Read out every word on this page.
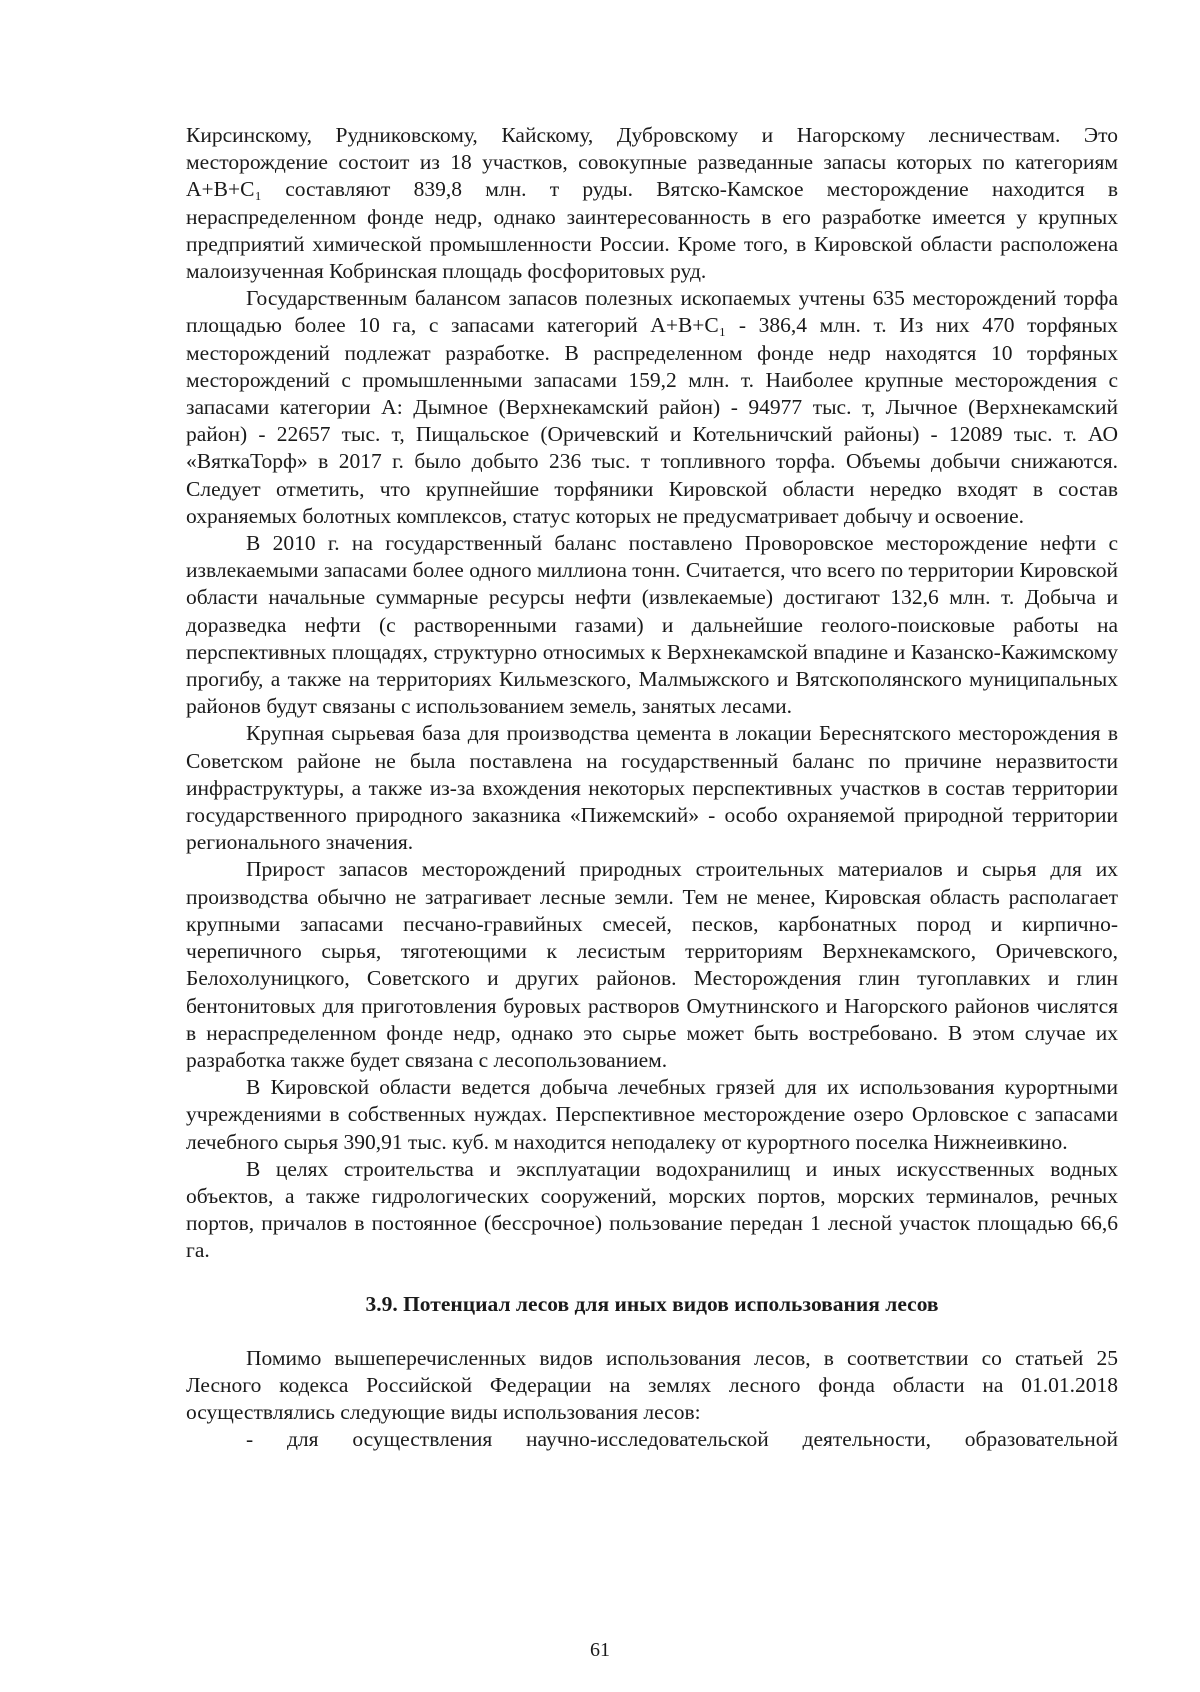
Кирсинскому, Рудниковскому, Кайскому, Дубровскому и Нагорскому лесничествам. Это месторождение состоит из 18 участков, совокупные разведанные запасы которых по категориям А+В+С₁ составляют 839,8 млн. т руды. Вятско-Камское месторождение находится в нераспределенном фонде недр, однако заинтересованность в его разработке имеется у крупных предприятий химической промышленности России. Кроме того, в Кировской области расположена малоизученная Кобринская площадь фосфоритовых руд.

Государственным балансом запасов полезных ископаемых учтены 635 месторождений торфа площадью более 10 га, с запасами категорий А+В+С₁ - 386,4 млн. т. Из них 470 торфяных месторождений подлежат разработке. В распределенном фонде недр находятся 10 торфяных месторождений с промышленными запасами 159,2 млн. т. Наиболее крупные месторождения с запасами категории А: Дымное (Верхнекамский район) - 94977 тыс. т, Лычное (Верхнекамский район) - 22657 тыс. т, Пищальское (Оричевский и Котельничский районы) - 12089 тыс. т. АО «ВяткаТорф» в 2017 г. было добыто 236 тыс. т топливного торфа. Объемы добычи снижаются. Следует отметить, что крупнейшие торфяники Кировской области нередко входят в состав охраняемых болотных комплексов, статус которых не предусматривает добычу и освоение.

В 2010 г. на государственный баланс поставлено Проворовское месторождение нефти с извлекаемыми запасами более одного миллиона тонн. Считается, что всего по территории Кировской области начальные суммарные ресурсы нефти (извлекаемые) достигают 132,6 млн. т. Добыча и доразведка нефти (с растворенными газами) и дальнейшие геолого-поисковые работы на перспективных площадях, структурно относимых к Верхнекамской впадине и Казанско-Кажимскому прогибу, а также на территориях Кильмезского, Малмыжского и Вятскополянского муниципальных районов будут связаны с использованием земель, занятых лесами.

Крупная сырьевая база для производства цемента в локации Береснятского месторождения в Советском районе не была поставлена на государственный баланс по причине неразвитости инфраструктуры, а также из-за вхождения некоторых перспективных участков в состав территории государственного природного заказника «Пижемский» - особо охраняемой природной территории регионального значения.

Прирост запасов месторождений природных строительных материалов и сырья для их производства обычно не затрагивает лесные земли. Тем не менее, Кировская область располагает крупными запасами песчано-гравийных смесей, песков, карбонатных пород и кирпично-черепичного сырья, тяготеющими к лесистым территориям Верхнекамского, Оричевского, Белохолуницкого, Советского и других районов. Месторождения глин тугоплавких и глин бентонитовых для приготовления буровых растворов Омутнинского и Нагорского районов числятся в нераспределенном фонде недр, однако это сырье может быть востребовано. В этом случае их разработка также будет связана с лесопользованием.

В Кировской области ведется добыча лечебных грязей для их использования курортными учреждениями в собственных нуждах. Перспективное месторождение озеро Орловское с запасами лечебного сырья 390,91 тыс. куб. м находится неподалеку от курортного поселка Нижнеивкино.

В целях строительства и эксплуатации водохранилищ и иных искусственных водных объектов, а также гидрологических сооружений, морских портов, морских терминалов, речных портов, причалов в постоянное (бессрочное) пользование передан 1 лесной участок площадью 66,6 га.

3.9. Потенциал лесов для иных видов использования лесов

Помимо вышеперечисленных видов использования лесов, в соответствии со статьей 25 Лесного кодекса Российской Федерации на землях лесного фонда области на 01.01.2018 осуществлялись следующие виды использования лесов:

- для осуществления научно-исследовательской деятельности, образовательной

61
